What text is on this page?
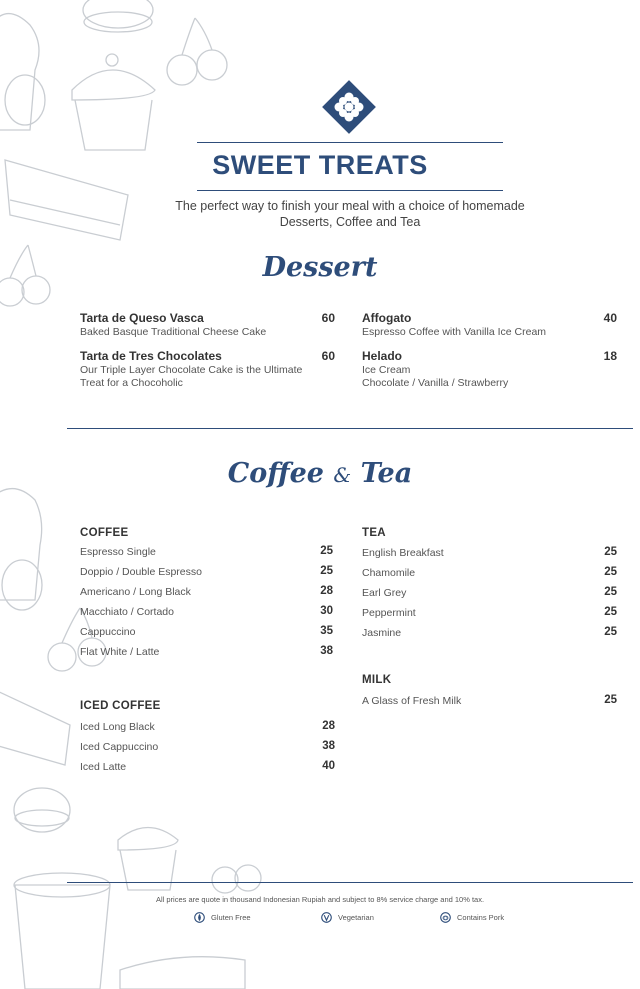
SWEET TREATS
The perfect way to finish your meal with a choice of homemade Desserts, Coffee and Tea
Dessert
Tarta de Queso Vasca
Baked Basque Traditional Cheese Cake
60
Tarta de Tres Chocolates
Our Triple Layer Chocolate Cake is the Ultimate Treat for a Chocoholic
60
Affogato
Espresso Coffee with Vanilla Ice Cream
40
Helado
Ice Cream
Chocolate / Vanilla / Strawberry
18
Coffee & Tea
COFFEE
Espresso Single	25
Doppio / Double Espresso	25
Americano / Long Black	28
Macchiato / Cortado	30
Cappuccino	35
Flat White / Latte	38
ICED COFFEE
Iced Long Black	28
Iced Cappuccino	38
Iced Latte	40
TEA
English Breakfast	25
Chamomile	25
Earl Grey	25
Peppermint	25
Jasmine	25
MILK
A Glass of Fresh Milk	25
All prices are quote in thousand Indonesian Rupiah and subject to 8% service charge and 10% tax.
Gluten Free	Vegetarian	Contains Pork
